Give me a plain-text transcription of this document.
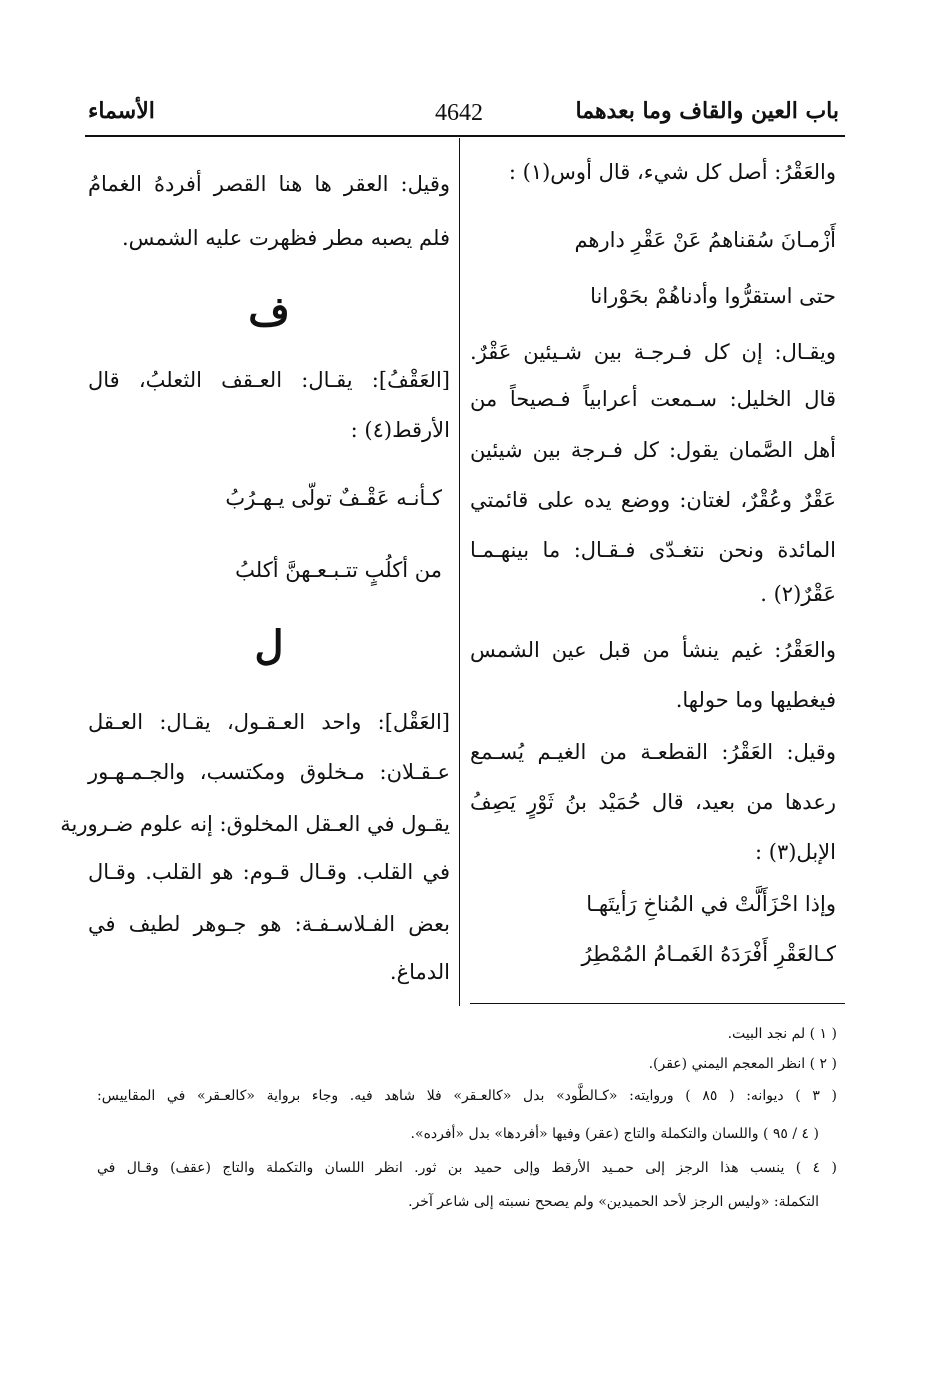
باب العين والقاف وما بعدهما
4642
الأسماء
والعَقْرُ: أصل كل شيء، قال أوس(١) :
أَزْمـانَ سُقناهمُ عَنْ عَقْرِ دارهم
حتى استقرُّوا وأدناهُمْ بحَوْرانا
ويقـال: إن كل فـرجـة بين شـيئين عَقْرٌ.
قال الخليل: سـمعت أعرابياً فـصيحاً من
أهل الصَّمان يقول: كل فـرجة بين شيئين
عَقْرٌ وعُقْرٌ، لغتان: ووضع يده على قائمتي
المائدة ونحن نتغـدّى فـقـال: ما بينهـمـا
عَقْرٌ(٢) .
والعَقْرُ: غيم ينشأ من قبل عين الشمس
فيغطيها وما حولها.
وقيل: العَقْرُ: القطعـة من الغيـم يُسـمع
رعدها من بعيد، قال حُمَيْد بنُ ثَوْرٍ يَصِفُ
الإبل(٣) :
وإذا احْزَأَلَّتْ في المُناخِ رَأيتَهـا
كـالعَقْرِ أَفْرَدَهُ الغَمـامُ المُمْطِرُ
وقيل: العقر ها هنا القصر أفردهُ الغمامُ
فلم يصبه مطر فظهرت عليه الشمس.
ف
[العَقْفُ]: يقـال: العـقف الثعلبُ، قال
الأرقط(٤) :
كـأنـه عَقْـفٌ تولّى يـهـرُبُ
من أكلُبٍ تتـبـعـهنَّ أكلبُ
ل
[العَقْل]: واحد العـقـول، يقـال: العـقل
عـقـلان: مـخلوق ومكتسب، والجـمـهـور
يقـول في العـقل المخلوق: إنه علوم ضـرورية
في القلب. وقـال قـوم: هو القلب. وقـال
بعض الفـلاسـفـة: هو جـوهر لطيف في
الدماغ.
( ١ ) لم نجد البيت.
( ٢ ) انظر المعجم اليمني (عقر).
( ٣ ) ديوانه: ( ٨٥ ) وروايته: «كـالطَّود» بدل «كالعـقر» فلا شاهد فيه. وجاء برواية «كالعـقر» في المقاييس:
( ٤ / ٩٥ ) واللسان والتكملة والتاج (عقر) وفيها «أفردها» بدل «أفرده».
( ٤ ) ينسب هذا الرجز إلى حمـيد الأرقط وإلى حميد بن ثور. انظر اللسان والتكملة والتاج (عقف) وقـال في
التكملة: «وليس الرجز لأحد الحميدين» ولم يصحح نسبته إلى شاعر آخر.
